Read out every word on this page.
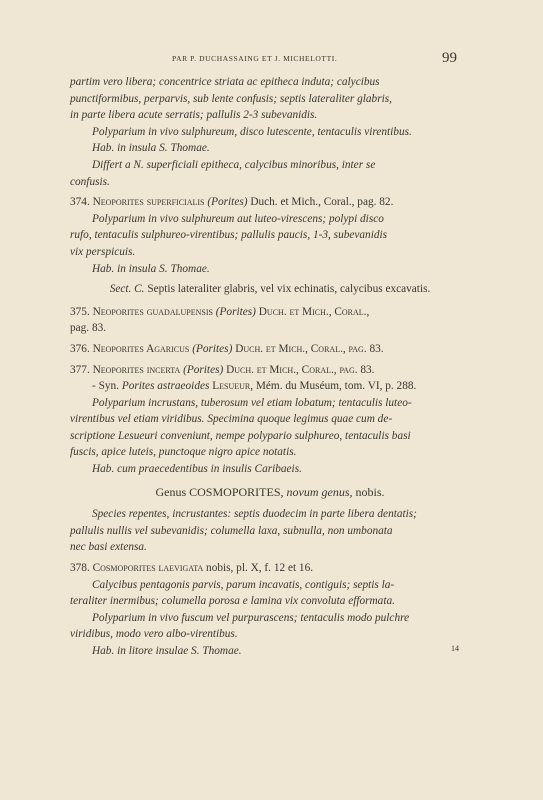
PAR P. DUCHASSAING ET J. MICHELOTTI.	99

partim vero libera; concentrice striata ac epitheca induta; calycibus

punctiformibus, perparvis, sub lente confusis; septis lateraliter glabris,

in parte libera acute serratis; pallulis 2-3 subevanidis.

Polyparium in vivo sulphureum, disco lutescente, tentaculis virentibus.

Hab. in insula S. Thomae.

Differt a N. superficiali epitheca, calycibus minoribus, inter se

confusis.

374. Neoporites superficialis (Porites) Duch. et Mich., Coral., pag. 82.

Polyparium in vivo sulphureum aut luteo-virescens; polypi disco

rufo, tentaculis sulphureo-virentibus; pallulis paucis, 1-3, subevanidis

vix perspicuis.

Hab. in insula S. Thomae.

Sect. C. Septis lateraliter glabris, vel vix echinatis, calycibus excavatis.

375. Neoporites guadalupensis (Porites) Duch. et Mich., Coral.,

pag. 83.

376. Neoporites Agaricus (Porites) Duch. et Mich., Coral., pag. 83.

377. Neoporites incerta (Porites) Duch. et Mich., Coral., pag. 83.

- Syn. Porites astraeoides Lesueur, Mém. du Muséum, tom. VI, p. 288.

Polyparium incrustans, tuberosum vel etiam lobatum; tentaculis luteo-

virentibus vel etiam viridibus. Specimina quoque legimus quae cum de-

scriptione Lesueuri conveniunt, nempe polypario sulphureo, tentaculis basi

fuscis, apice luteis, punctoque nigro apice notatis.

Hab. cum praecedentibus in insulis Caribaeis.

Genus COSMOPORITES, novum genus, nobis.

Species repentes, incrustantes: septis duodecim in parte libera dentatis;

pallulis nullis vel subevanidis; columella laxa, subnulla, non umbonata

nec basi extensa.

378. Cosmoporites laevigata nobis, pl. X, f. 12 et 16.

Calycibus pentagonis parvis, parum incavatis, contiguis; septis la-

teraliter inermibus; columella porosa e lamina vix convoluta efformata.

Polyparium in vivo fuscum vel purpurascens; tentaculis modo pulchre

viridibus, modo vero albo-virentibus.

Hab. in litore insulae S. Thomae.	14
